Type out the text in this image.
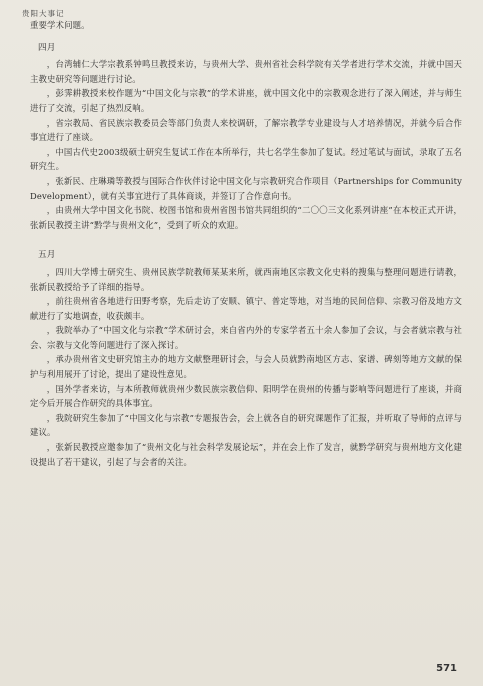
贵阳大事记

重要学术问题。

四月

，台湾辅仁大学宗教系钟鸣旦教授来访，与贵州大学、贵州省社会科学院有关学者进行学术交流，并就中国天主教史研究等问题进行讨论。

，彭霁耕教授来校作题为“中国文化与宗教”的学术讲座，就中国文化中的宗教观念进行了深入阐述，并与师生进行了交流，引起了热烈反响。

，省宗教局、省民族宗教委员会等部门负责人来校调研，了解宗教学专业建设与人才培养情况，并就今后合作事宜进行了座谈。

，中国古代史2003级硕士研究生复试工作在本所举行，共七名学生参加了复试。经过笔试与面试，录取了五名研究生。

，张新民、庄琳璘等教授与国际合作伙伴讨论中国文化与宗教研究合作项目（Partnerships for Community Development），就有关事宜进行了具体商谈，并签订了合作意向书。

，由贵州大学中国文化书院、校图书馆和贵州省图书馆共同组织的“二〇〇三文化系列讲座”在本校正式开讲，张新民教授主讲“黔学与贵州文化”，受到了听众的欢迎。

五月

，四川大学博士研究生、贵州民族学院教师某某来所，就西南地区宗教文化史料的搜集与整理问题进行请教，张新民教授给予了详细的指导。

，前往贵州省各地进行田野考察，先后走访了安顺、镇宁、普定等地，对当地的民间信仰、宗教习俗及地方文献进行了实地调查，收获颇丰。

，我院举办了“中国文化与宗教”学术研讨会，来自省内外的专家学者五十余人参加了会议，与会者就宗教与社会、宗教与文化等问题进行了深入探讨。

，承办贵州省文史研究馆主办的地方文献整理研讨会，与会人员就黔南地区方志、家谱、碑刻等地方文献的保护与利用展开了讨论，提出了建设性意见。

，国外学者来访，与本所教师就贵州少数民族宗教信仰、阳明学在贵州的传播与影响等问题进行了座谈，并商定今后开展合作研究的具体事宜。

，我院研究生参加了“中国文化与宗教”专题报告会，会上就各自的研究课题作了汇报，并听取了导师的点评与建议。

，张新民教授应邀参加了“贵州文化与社会科学发展论坛”，并在会上作了发言，就黔学研究与贵州地方文化建设提出了若干建议，引起了与会者的关注。

571
